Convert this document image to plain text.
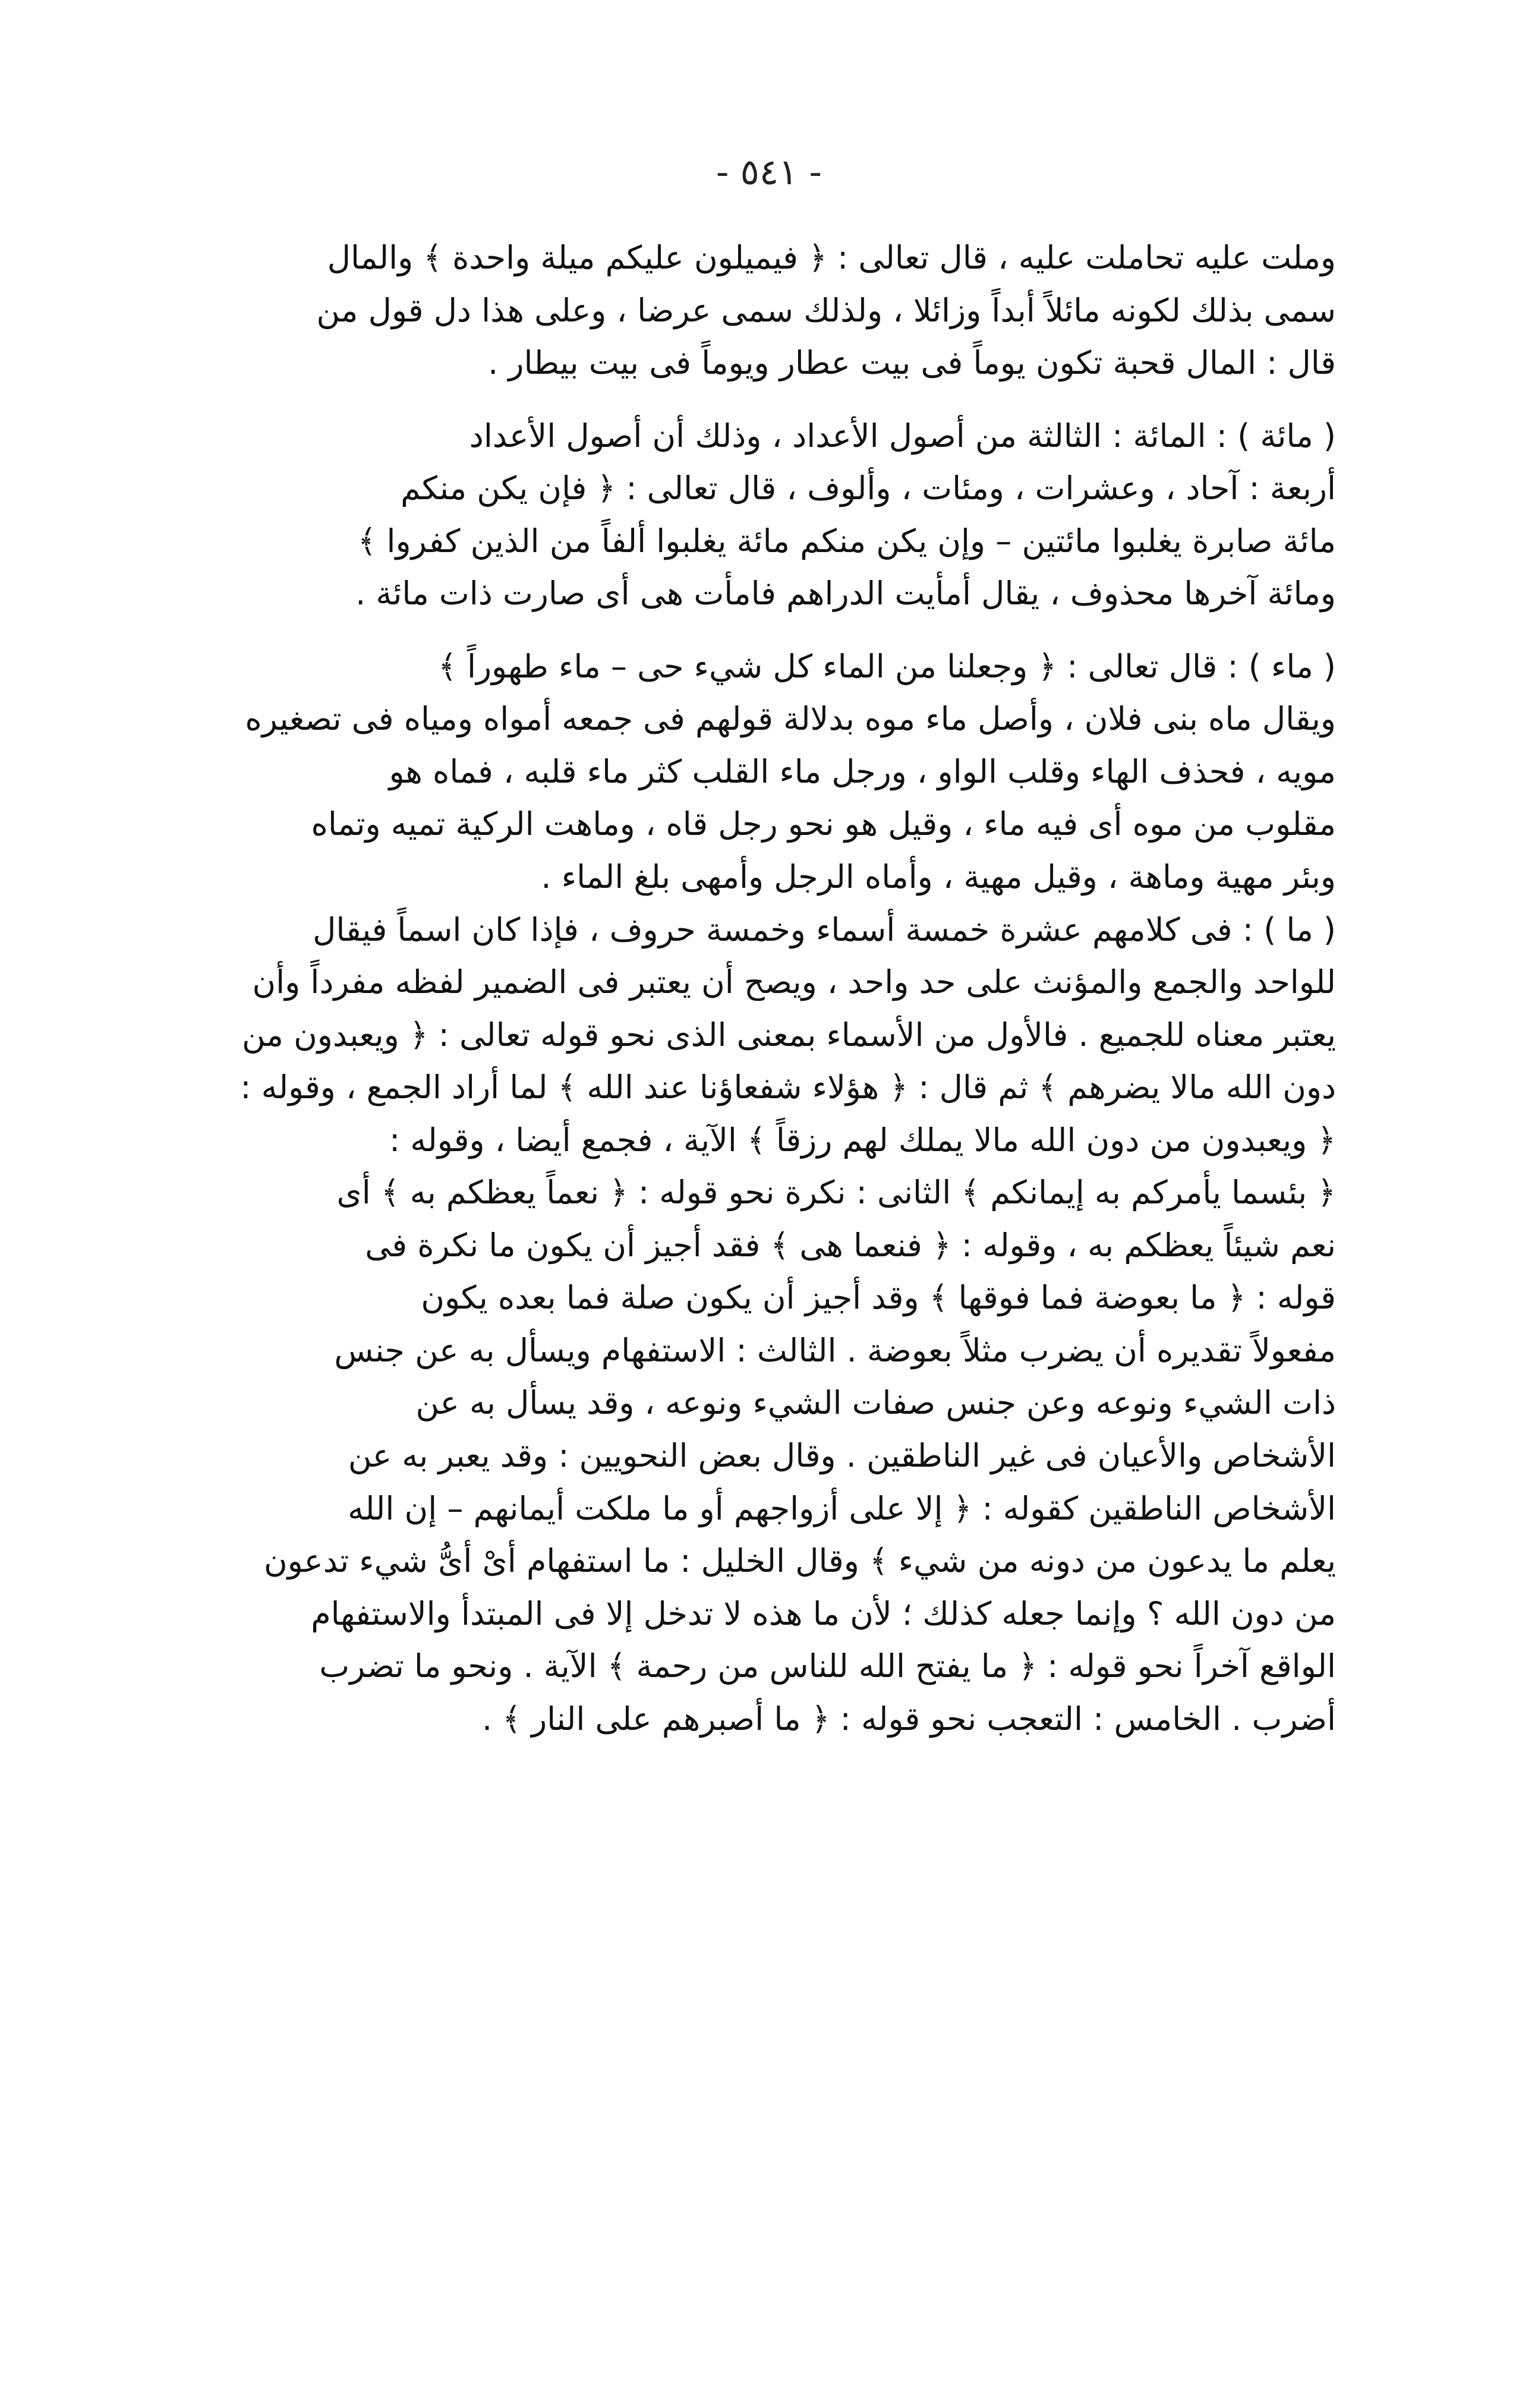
- ٥٤١ -
وملت عليه تحاملت عليه ، قال تعالى : ﴿ فيميلون عليكم ميلة واحدة ﴾ والمال
سمى بذلك لكونه مائلاً أبداً وزائلا ، ولذلك سمى عرضا ، وعلى هذا دل قول من
قال : المال قحبة تكون يوماً فى بيت عطار ويوماً فى بيت بيطار .
( مائة ) : المائة : الثالثة من أصول الأعداد ، وذلك أن أصول الأعداد
أربعة : آحاد ، وعشرات ، ومئات ، وألوف ، قال تعالى : ﴿ فإن يكن منكم
مائة صابرة يغلبوا مائتين – وإن يكن منكم مائة يغلبوا ألفاً من الذين كفروا ﴾
ومائة آخرها محذوف ، يقال أمأيت الدراهم فامأت هى أى صارت ذات مائة .
( ماء ) : قال تعالى : ﴿ وجعلنا من الماء كل شيء حى – ماء طهوراً ﴾
ويقال ماه بنى فلان ، وأصل ماء موه بدلالة قولهم فى جمعه أمواه ومياه فى تصغيره
مويه ، فحذف الهاء وقلب الواو ، ورجل ماء القلب كثر ماء قلبه ، فماه هو
مقلوب من موه أى فيه ماء ، وقيل هو نحو رجل قاه ، وماهت الركية تميه وتماه
وبئر مهية وماهة ، وقيل مهية ، وأماه الرجل وأمهى بلغ الماء .
( ما ) : فى كلامهم عشرة خمسة أسماء وخمسة حروف ، فإذا كان اسماً فيقال
للواحد والجمع والمؤنث على حد واحد ، ويصح أن يعتبر فى الضمير لفظه مفرداً وأن
يعتبر معناه للجميع . فالأول من الأسماء بمعنى الذى نحو قوله تعالى : ﴿ ويعبدون من
دون الله مالا يضرهم ﴾ ثم قال : ﴿ هؤلاء شفعاؤنا عند الله ﴾ لما أراد الجمع ، وقوله :
﴿ ويعبدون من دون الله مالا يملك لهم رزقاً ﴾ الآية ، فجمع أيضا ، وقوله :
﴿ بئسما يأمركم به إيمانكم ﴾ الثانى : نكرة نحو قوله : ﴿ نعماً يعظكم به ﴾ أى
نعم شيئاً يعظكم به ، وقوله : ﴿ فنعما هى ﴾ فقد أجيز أن يكون ما نكرة فى
قوله : ﴿ ما بعوضة فما فوقها ﴾ وقد أجيز أن يكون صلة فما بعده يكون
مفعولاً تقديره أن يضرب مثلاً بعوضة . الثالث : الاستفهام ويسأل به عن جنس
ذات الشيء ونوعه وعن جنس صفات الشيء ونوعه ، وقد يسأل به عن
الأشخاص والأعيان فى غير الناطقين . وقال بعض النحويين : وقد يعبر به عن
الأشخاص الناطقين كقوله : ﴿ إلا على أزواجهم أو ما ملكت أيمانهم – إن الله
يعلم ما يدعون من دونه من شيء ﴾ وقال الخليل : ما استفهام أىْ أىُّ شيء تدعون
من دون الله ؟ وإنما جعله كذلك ؛ لأن ما هذه لا تدخل إلا فى المبتدأ والاستفهام
الواقع آخراً نحو قوله : ﴿ ما يفتح الله للناس من رحمة ﴾ الآية . ونحو ما تضرب
أضرب . الخامس : التعجب نحو قوله : ﴿ ما أصبرهم على النار ﴾ .
